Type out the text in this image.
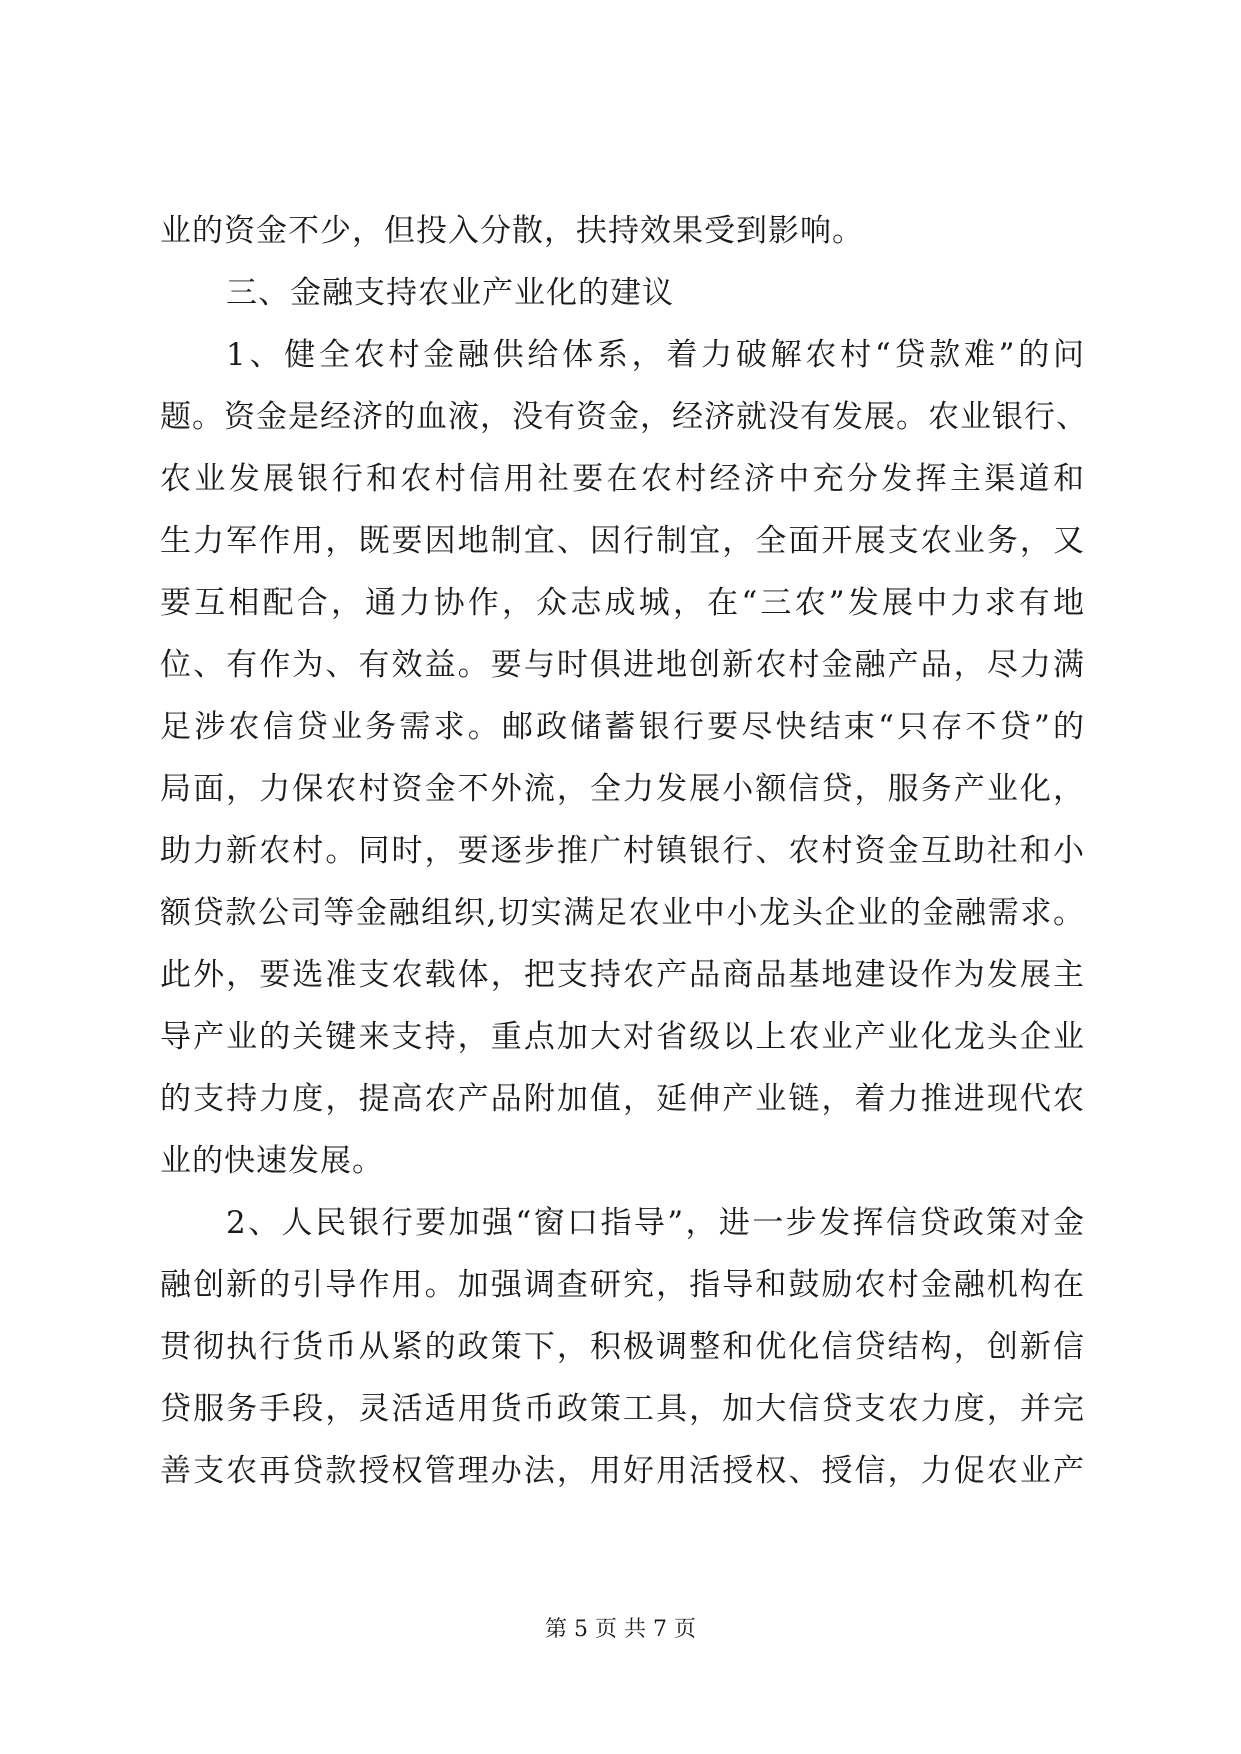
业的资金不少，但投入分散，扶持效果受到影响。
三、金融支持农业产业化的建议
1、健全农村金融供给体系，着力破解农村“贷款难”的问
题。资金是经济的血液，没有资金，经济就没有发展。农业银行、
农业发展银行和农村信用社要在农村经济中充分发挥主渠道和
生力军作用，既要因地制宜、因行制宜，全面开展支农业务，又
要互相配合，通力协作，众志成城，在“三农”发展中力求有地
位、有作为、有效益。要与时俱进地创新农村金融产品，尽力满
足涉农信贷业务需求。邮政储蓄银行要尽快结束“只存不贷”的
局面，力保农村资金不外流，全力发展小额信贷，服务产业化，
助力新农村。同时，要逐步推广村镇银行、农村资金互助社和小
额贷款公司等金融组织,切实满足农业中小龙头企业的金融需求。
此外，要选准支农载体，把支持农产品商品基地建设作为发展主
导产业的关键来支持，重点加大对省级以上农业产业化龙头企业
的支持力度，提高农产品附加值，延伸产业链，着力推进现代农
业的快速发展。
2、人民银行要加强“窗口指导”，进一步发挥信贷政策对金
融创新的引导作用。加强调查研究，指导和鼓励农村金融机构在
贯彻执行货币从紧的政策下，积极调整和优化信贷结构，创新信
贷服务手段，灵活适用货币政策工具，加大信贷支农力度，并完
善支农再贷款授权管理办法，用好用活授权、授信，力促农业产
第 5 页 共 7 页
